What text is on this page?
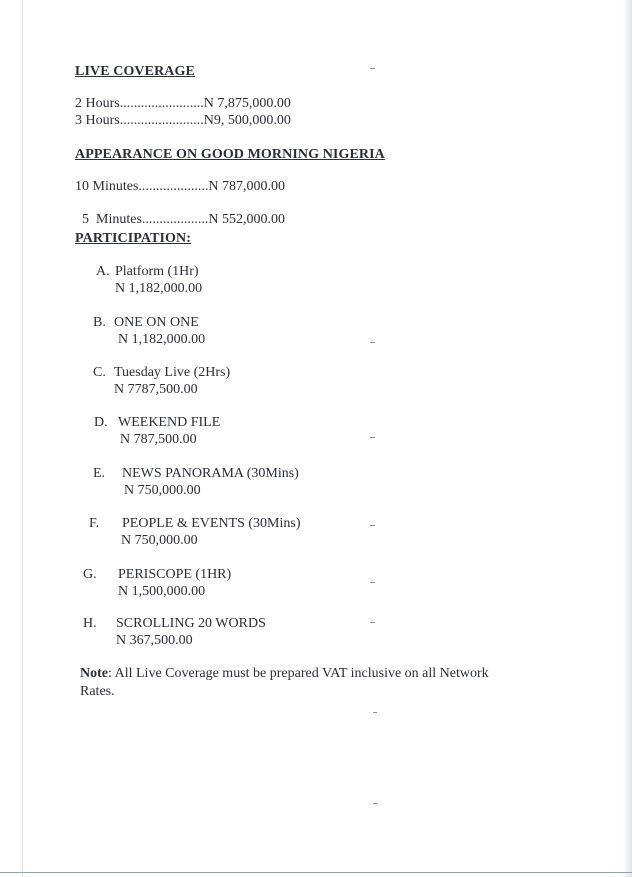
LIVE COVERAGE
2 Hours........................N 7,875,000.00
3 Hours........................N9, 500,000.00
APPEARANCE ON GOOD MORNING NIGERIA
10 Minutes....................N 787,000.00

5  Minutes...................N 552,000.00

PARTICIPATION:
A. Platform (1Hr)
N 1,182,000.00
B. ONE ON ONE
N 1,182,000.00
C. Tuesday Live (2Hrs)
N 7787,500.00
D. WEEKEND FILE
N 787,500.00
E. NEWS PANORAMA (30Mins)
N 750,000.00
F. PEOPLE & EVENTS (30Mins)
N 750,000.00
G. PERISCOPE (1HR)
N 1,500,000.00
H. SCROLLING 20 WORDS
N 367,500.00
Note: All Live Coverage must be prepared VAT inclusive on all Network Rates.
